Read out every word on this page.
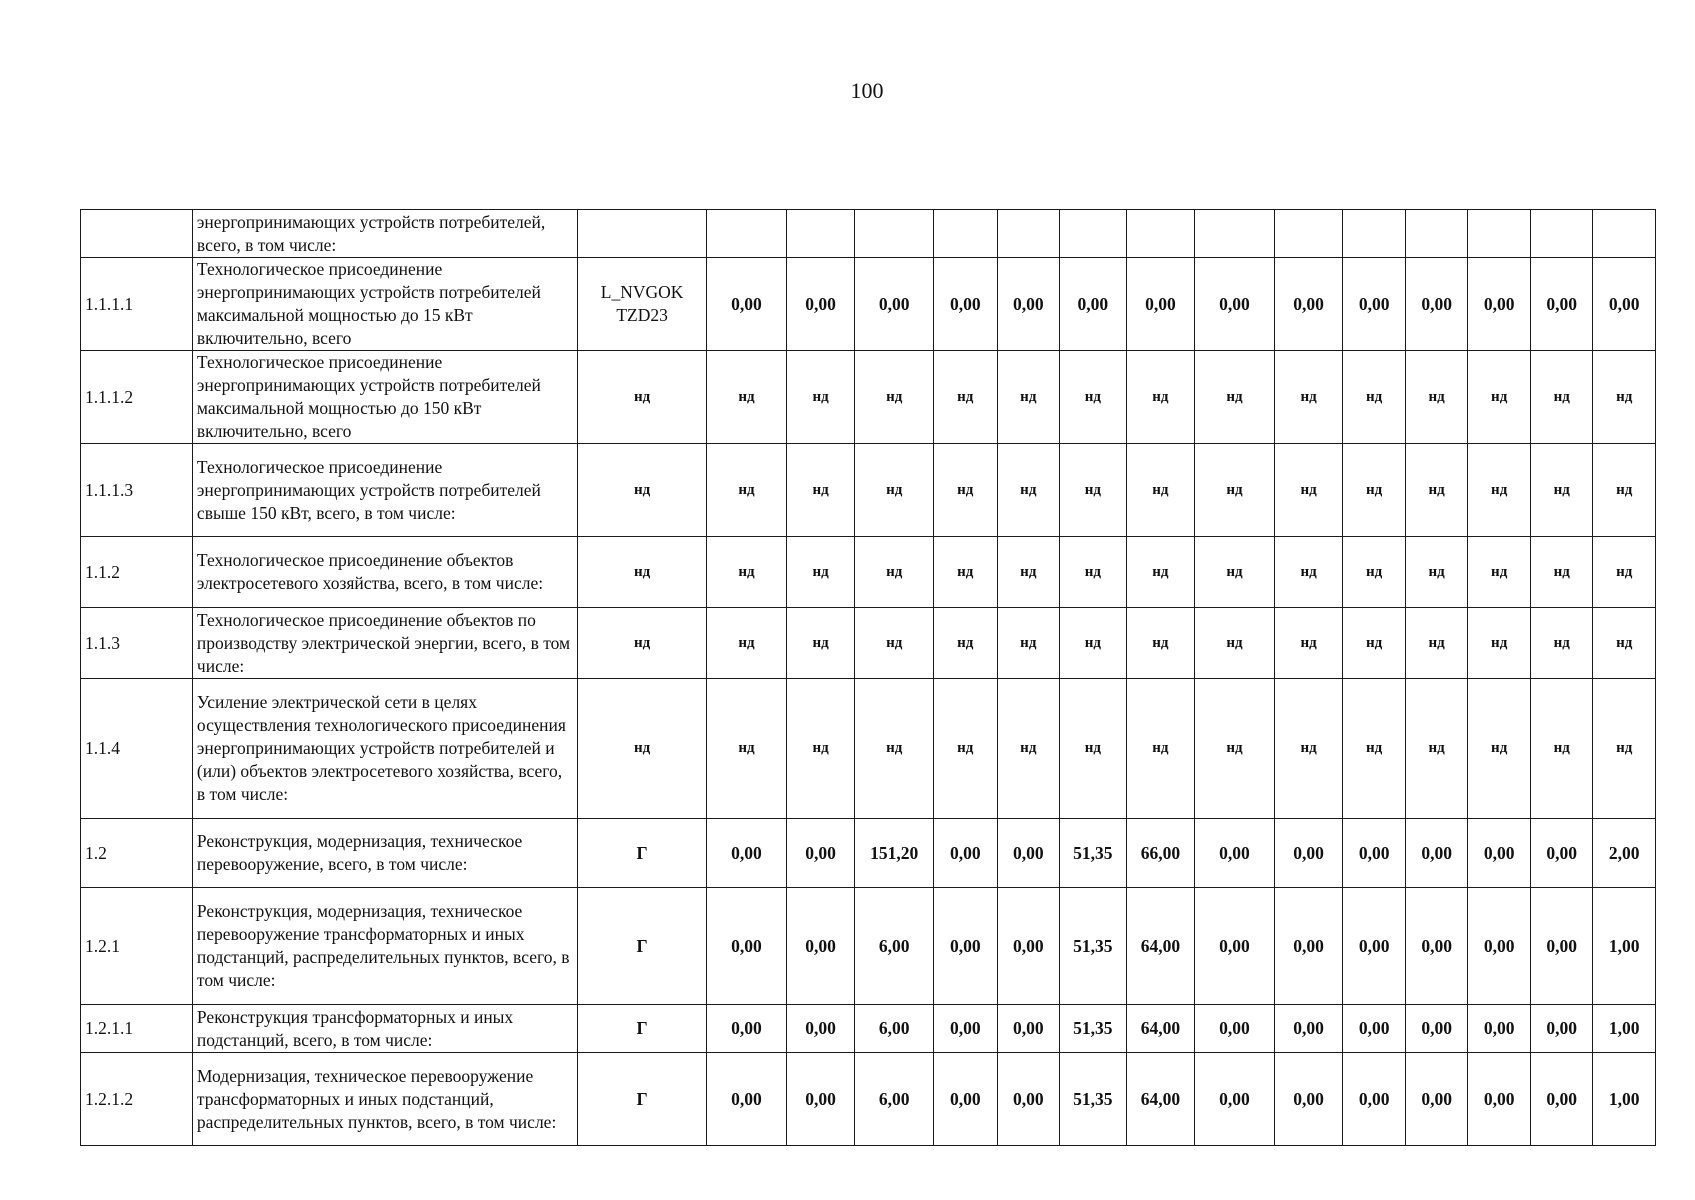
100
	энергопринимающих устройств потребителей, всего, в том числе:															
1.1.1.1	Технологическое присоединение энергопринимающих устройств потребителей максимальной мощностью до 15 кВт включительно, всего	L_NVGOK TZD23	0,00	0,00	0,00	0,00	0,00	0,00	0,00	0,00	0,00	0,00	0,00	0,00	0,00	0,00
1.1.1.2	Технологическое присоединение энергопринимающих устройств потребителей максимальной мощностью до 150 кВт включительно, всего	нд	нд	нд	нд	нд	нд	нд	нд	нд	нд	нд	нд	нд	нд	нд
1.1.1.3	Технологическое присоединение энергопринимающих устройств потребителей свыше 150 кВт, всего, в том числе:	нд	нд	нд	нд	нд	нд	нд	нд	нд	нд	нд	нд	нд	нд	нд
1.1.2	Технологическое присоединение объектов электросетевого хозяйства, всего, в том числе:	нд	нд	нд	нд	нд	нд	нд	нд	нд	нд	нд	нд	нд	нд	нд
1.1.3	Технологическое присоединение объектов по производству электрической энергии, всего, в том числе:	нд	нд	нд	нд	нд	нд	нд	нд	нд	нд	нд	нд	нд	нд	нд
1.1.4	Усиление электрической сети в целях осуществления технологического присоединения энергопринимающих устройств потребителей и (или) объектов электросетевого хозяйства, всего, в том числе:	нд	нд	нд	нд	нд	нд	нд	нд	нд	нд	нд	нд	нд	нд	нд
1.2	Реконструкция, модернизация, техническое перевооружение, всего, в том числе:	Г	0,00	0,00	151,20	0,00	0,00	51,35	66,00	0,00	0,00	0,00	0,00	0,00	0,00	2,00
1.2.1	Реконструкция, модернизация, техническое перевооружение трансформаторных и иных подстанций, распределительных пунктов, всего, в том числе:	Г	0,00	0,00	6,00	0,00	0,00	51,35	64,00	0,00	0,00	0,00	0,00	0,00	0,00	1,00
1.2.1.1	Реконструкция трансформаторных и иных подстанций, всего, в том числе:	Г	0,00	0,00	6,00	0,00	0,00	51,35	64,00	0,00	0,00	0,00	0,00	0,00	0,00	1,00
1.2.1.2	Модернизация, техническое перевооружение трансформаторных и иных подстанций, распределительных пунктов, всего, в том числе:	Г	0,00	0,00	6,00	0,00	0,00	51,35	64,00	0,00	0,00	0,00	0,00	0,00	0,00	1,00
